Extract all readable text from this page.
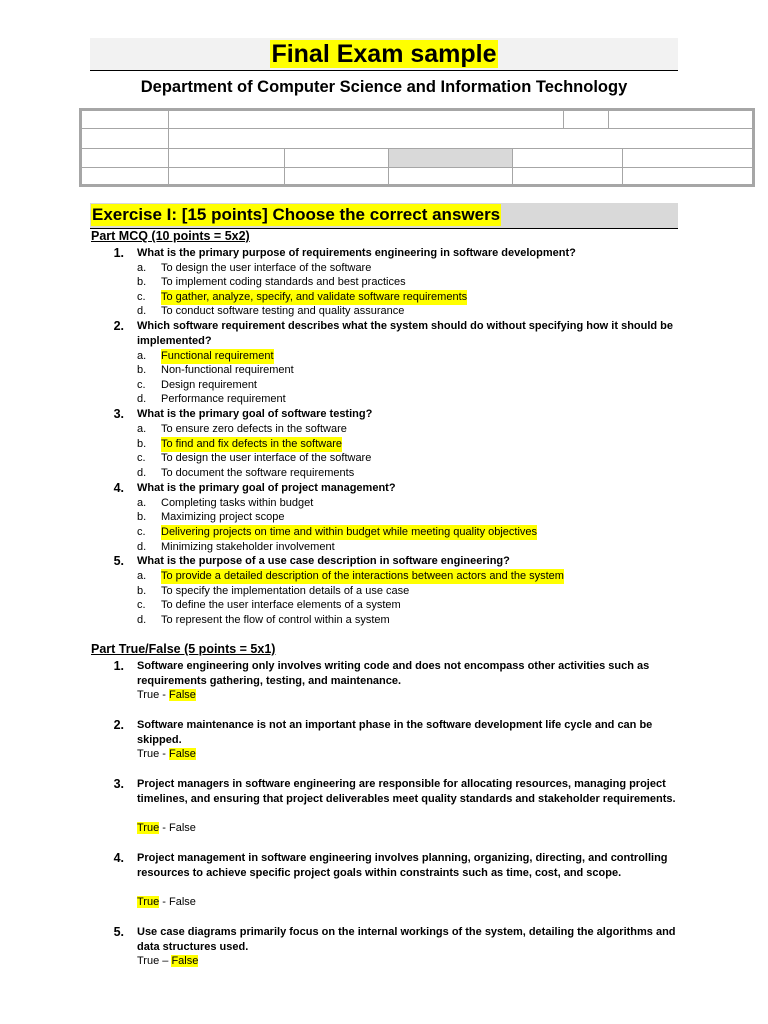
Final Exam sample
Department of Computer Science and Information Technology
Exercise I: [15 points] Choose the correct answers
Part MCQ (10 points = 5x2)
1. What is the primary purpose of requirements engineering in software development?
a. To design the user interface of the software
b. To implement coding standards and best practices
c. To gather, analyze, specify, and validate software requirements
d. To conduct software testing and quality assurance
2. Which software requirement describes what the system should do without specifying how it should be implemented?
a. Functional requirement
b. Non-functional requirement
c. Design requirement
d. Performance requirement
3. What is the primary goal of software testing?
a. To ensure zero defects in the software
b. To find and fix defects in the software
c. To design the user interface of the software
d. To document the software requirements
4. What is the primary goal of project management?
a. Completing tasks within budget
b. Maximizing project scope
c. Delivering projects on time and within budget while meeting quality objectives
d. Minimizing stakeholder involvement
5. What is the purpose of a use case description in software engineering?
a. To provide a detailed description of the interactions between actors and the system
b. To specify the implementation details of a use case
c. To define the user interface elements of a system
d. To represent the flow of control within a system
Part True/False (5 points = 5x1)
1. Software engineering only involves writing code and does not encompass other activities such as requirements gathering, testing, and maintenance.
True - False
2. Software maintenance is not an important phase in the software development life cycle and can be skipped.
True - False
3. Project managers in software engineering are responsible for allocating resources, managing project timelines, and ensuring that project deliverables meet quality standards and stakeholder requirements.
True - False
4. Project management in software engineering involves planning, organizing, directing, and controlling resources to achieve specific project goals within constraints such as time, cost, and scope.
True - False
5. Use case diagrams primarily focus on the internal workings of the system, detailing the algorithms and data structures used.
True – False
